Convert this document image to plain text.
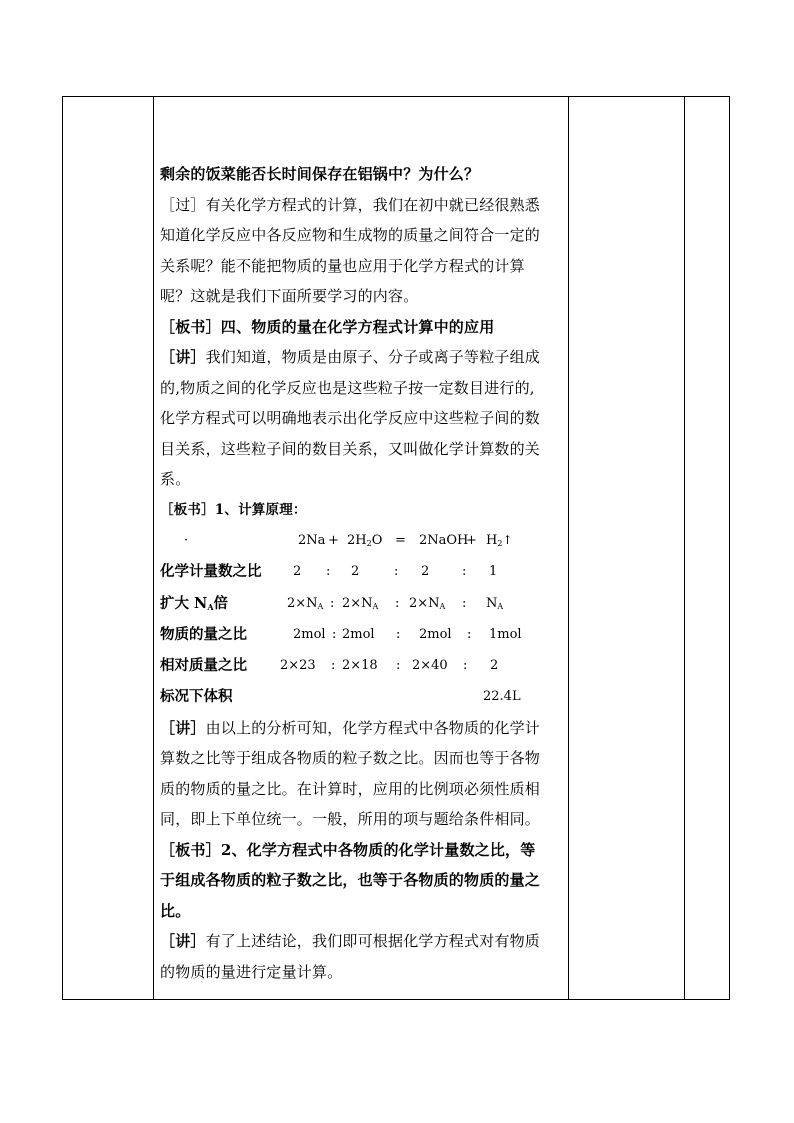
剩余的饭菜能否长时间保存在铝锅中？为什么？

［过］有关化学方程式的计算，我们在初中就已经很熟悉

知道化学反应中各反应物和生成物的质量之间符合一定的

关系呢？能不能把物质的量也应用于化学方程式的计算

呢？这就是我们下面所要学习的内容。

［板书］四、物质的量在化学方程式计算中的应用

［讲］我们知道，物质是由原子、分子或离子等粒子组成

的,物质之间的化学反应也是这些粒子按一定数目进行的,

化学方程式可以明确地表示出化学反应中这些粒子间的数

目关系，这些粒子间的数目关系，又叫做化学计算数的关

系。

［板书］1、计算原理：

·	$2Na + 2H_2O$ = 2NaOH
+ $H_2↑$
化学计量数之比 2 : 2	: 2	: 1
扩大 $N_A$倍	$2\times N_A$ : $2\times N_A$ : $2\times N_A$ : $N_A$
物质的量之比	2mol : 2mol : 2mol : 1mol
相对质量之比	2×23 : 2×18 : 2×40 : 2
标况下体积	22.4L

［讲］由以上的分析可知，化学方程式中各物质的化学计

算数之比等于组成各物质的粒子数之比。因而也等于各物

质的物质的量之比。在计算时，应用的比例项必须性质相

同，即上下单位统一。一般，所用的项与题给条件相同。

［板书］2、化学方程式中各物质的化学计量数之比，等

于组成各物质的粒子数之比，也等于各物质的物质的量之

比。

［讲］有了上述结论，我们即可根据化学方程式对有物质

的物质的量进行定量计算。
